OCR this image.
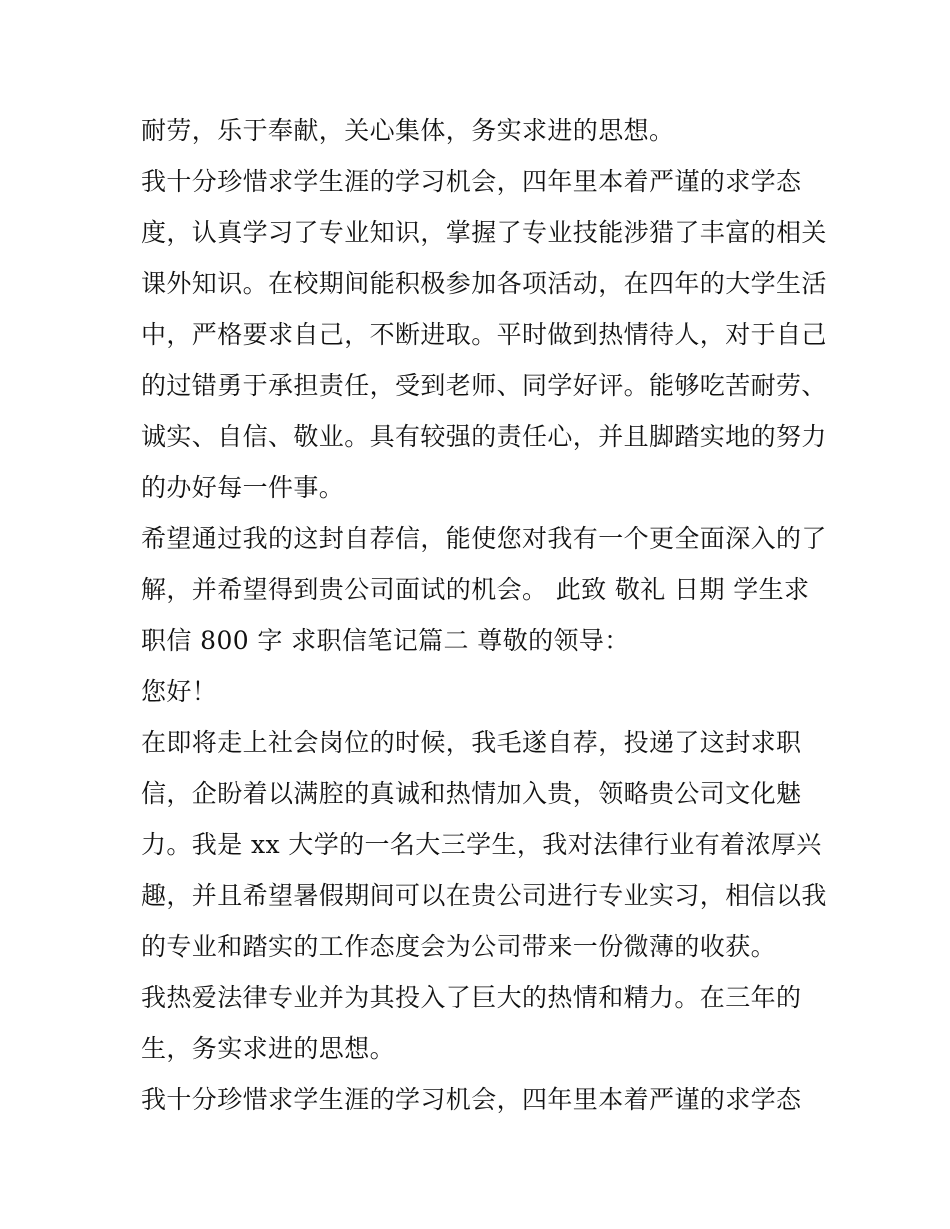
耐劳，乐于奉献，关心集体，务实求进的思想。
我十分珍惜求学生涯的学习机会，四年里本着严谨的求学态
度，认真学习了专业知识，掌握了专业技能涉猎了丰富的相关
课外知识。在校期间能积极参加各项活动，在四年的大学生活
中，严格要求自己，不断进取。平时做到热情待人，对于自己
的过错勇于承担责任，受到老师、同学好评。能够吃苦耐劳、
诚实、自信、敬业。具有较强的责任心，并且脚踏实地的努力
的办好每一件事。
希望通过我的这封自荐信，能使您对我有一个更全面深入的了
解，并希望得到贵公司面试的机会。 此致 敬礼 日期 学生求
职信 800 字 求职信笔记篇二 尊敬的领导：
您好！
在即将走上社会岗位的时候，我毛遂自荐，投递了这封求职
信，企盼着以满腔的真诚和热情加入贵，领略贵公司文化魅
力。我是 xx 大学的一名大三学生，我对法律行业有着浓厚兴
趣，并且希望暑假期间可以在贵公司进行专业实习，相信以我
的专业和踏实的工作态度会为公司带来一份微薄的收获。
我热爱法律专业并为其投入了巨大的热情和精力。在三年的
生，务实求进的思想。
我十分珍惜求学生涯的学习机会，四年里本着严谨的求学态
